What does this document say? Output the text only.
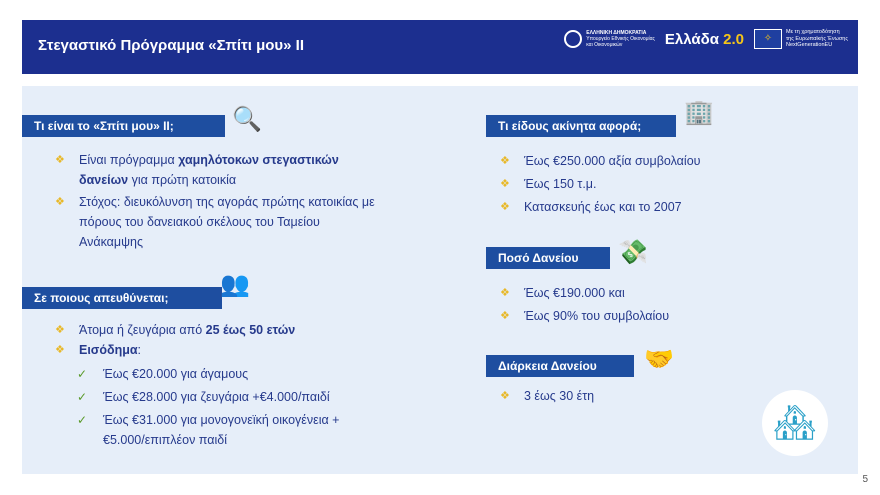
Στεγαστικό Πρόγραμμα «Σπίτι μου» ΙΙ
ΕΛΛΗΝΙΚΗ ΔΗΜΟΚΡΑΤΙΑ
Υπουργείο Εθνικής Οικονομίας
και Οικονομικών	Ελλάδα 2.0	✧
Με τη χρηματοδότηση
της Ευρωπαϊκής Ένωσης
NextGenerationEU
Τι είναι το «Σπίτι μου» ΙΙ;	🔍
❖ Είναι πρόγραμμα χαμηλότοκων στεγαστικών δανείων για πρώτη κατοικία
❖ Στόχος: διευκόλυνση της αγοράς πρώτης κατοικίας με πόρους του δανειακού σκέλους του Ταμείου Ανάκαμψης
Σε ποιους απευθύνεται;	👥
❖ Άτομα ή ζευγάρια από 25 έως 50 ετών
❖ Εισόδημα:
✓ Έως €20.000 για άγαμους
✓ Έως €28.000 για ζευγάρια +€4.000/παιδί
✓ Έως €31.000 για μονογονεϊκή οικογένεια +€5.000/επιπλέον παιδί
Τι είδους ακίνητα αφορά;	🏢
❖ Έως €250.000 αξία συμβολαίου
❖ Έως 150 τ.μ.
❖ Κατασκευής έως και το 2007
Ποσό Δανείου	💸
❖ Έως €190.000 και
❖ Έως 90% του συμβολαίου
Διάρκεια Δανείου	🤝
❖ 3 έως 30 έτη
🏘
5
